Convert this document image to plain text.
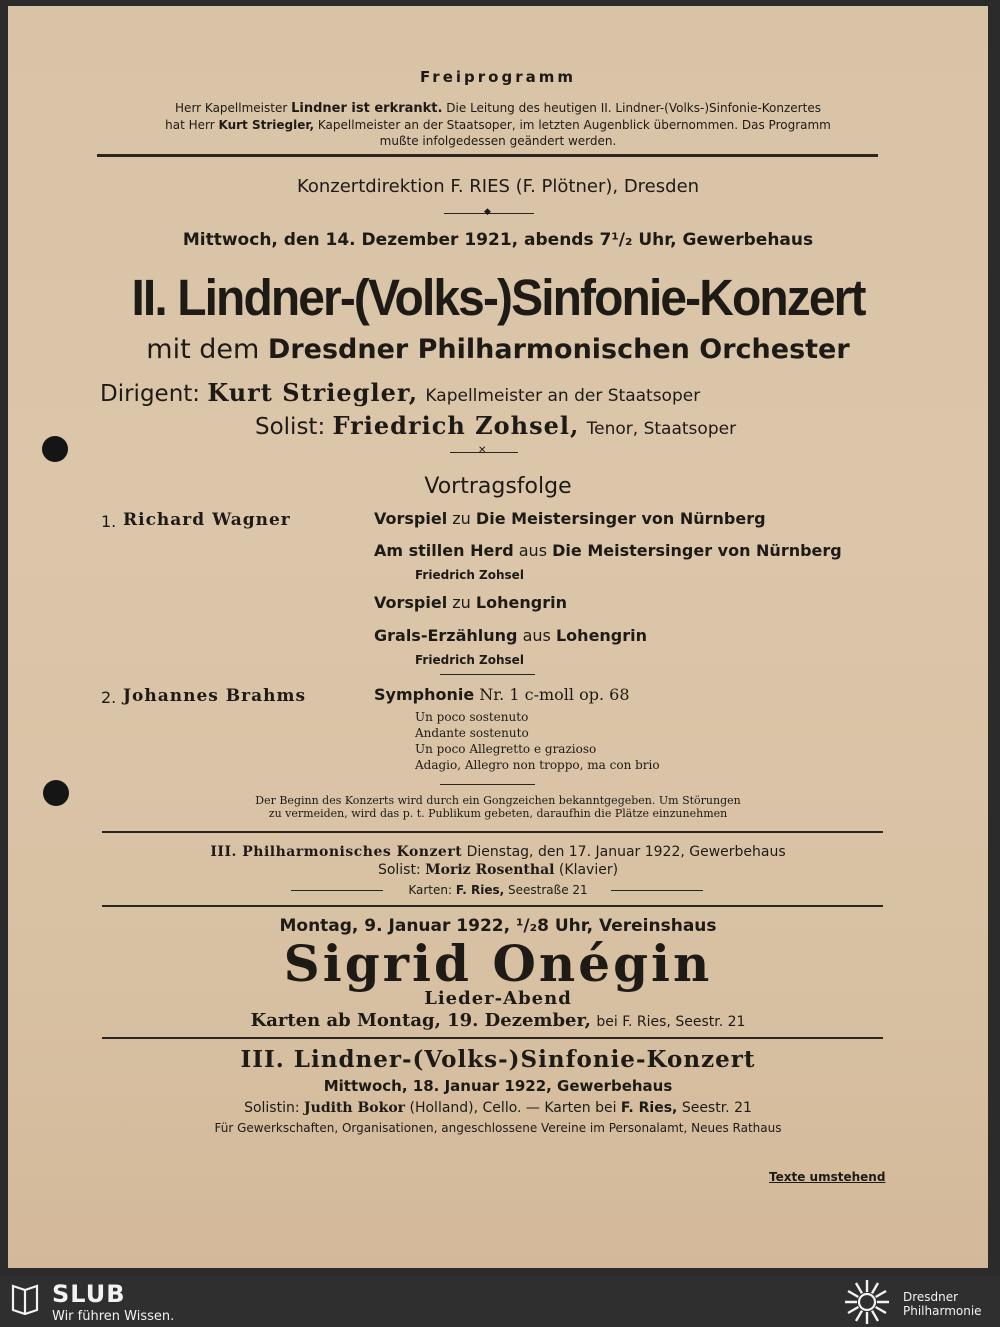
Freiprogramm
Herr Kapellmeister Lindner ist erkrankt. Die Leitung des heutigen II. Lindner-(Volks-)Sinfonie-Konzertes
hat Herr Kurt Striegler, Kapellmeister an der Staatsoper, im letzten Augenblick übernommen. Das Programm
mußte infolgedessen geändert werden.
Konzertdirektion F. RIES (F. Plötner), Dresden
◆
Mittwoch, den 14. Dezember 1921, abends 7¹/₂ Uhr, Gewerbehaus
II. Lindner-(Volks-)Sinfonie-Konzert
mit dem Dresdner Philharmonischen Orchester
Dirigent: Kurt Striegler, Kapellmeister an der Staatsoper
Solist: Friedrich Zohsel, Tenor, Staatsoper
✕
Vortragsfolge
1. Richard Wagner	Vorspiel zu Die Meistersinger von Nürnberg
Am stillen Herd aus Die Meistersinger von Nürnberg
Friedrich Zohsel
Vorspiel zu Lohengrin
Grals-Erzählung aus Lohengrin
Friedrich Zohsel
2. Johannes Brahms	Symphonie Nr. 1 c-moll op. 68
Un poco sostenuto
Andante sostenuto
Un poco Allegretto e grazioso
Adagio, Allegro non troppo, ma con brio
Der Beginn des Konzerts wird durch ein Gongzeichen bekanntgegeben. Um Störungen
zu vermeiden, wird das p. t. Publikum gebeten, daraufhin die Plätze einzunehmen
III. Philharmonisches Konzert Dienstag, den 17. Januar 1922, Gewerbehaus
Solist: Moriz Rosenthal (Klavier)
Karten: F. Ries, Seestraße 21
Montag, 9. Januar 1922, ¹/₂8 Uhr, Vereinshaus
Sigrid Onégin
Lieder-Abend
Karten ab Montag, 19. Dezember, bei F. Ries, Seestr. 21
III. Lindner-(Volks-)Sinfonie-Konzert
Mittwoch, 18. Januar 1922, Gewerbehaus
Solistin: Judith Bokor (Holland), Cello. — Karten bei F. Ries, Seestr. 21
Für Gewerkschaften, Organisationen, angeschlossene Vereine im Personalamt, Neues Rathaus
Texte umstehend
SLUB
Wir führen Wissen.
Dresdner
Philharmonie
